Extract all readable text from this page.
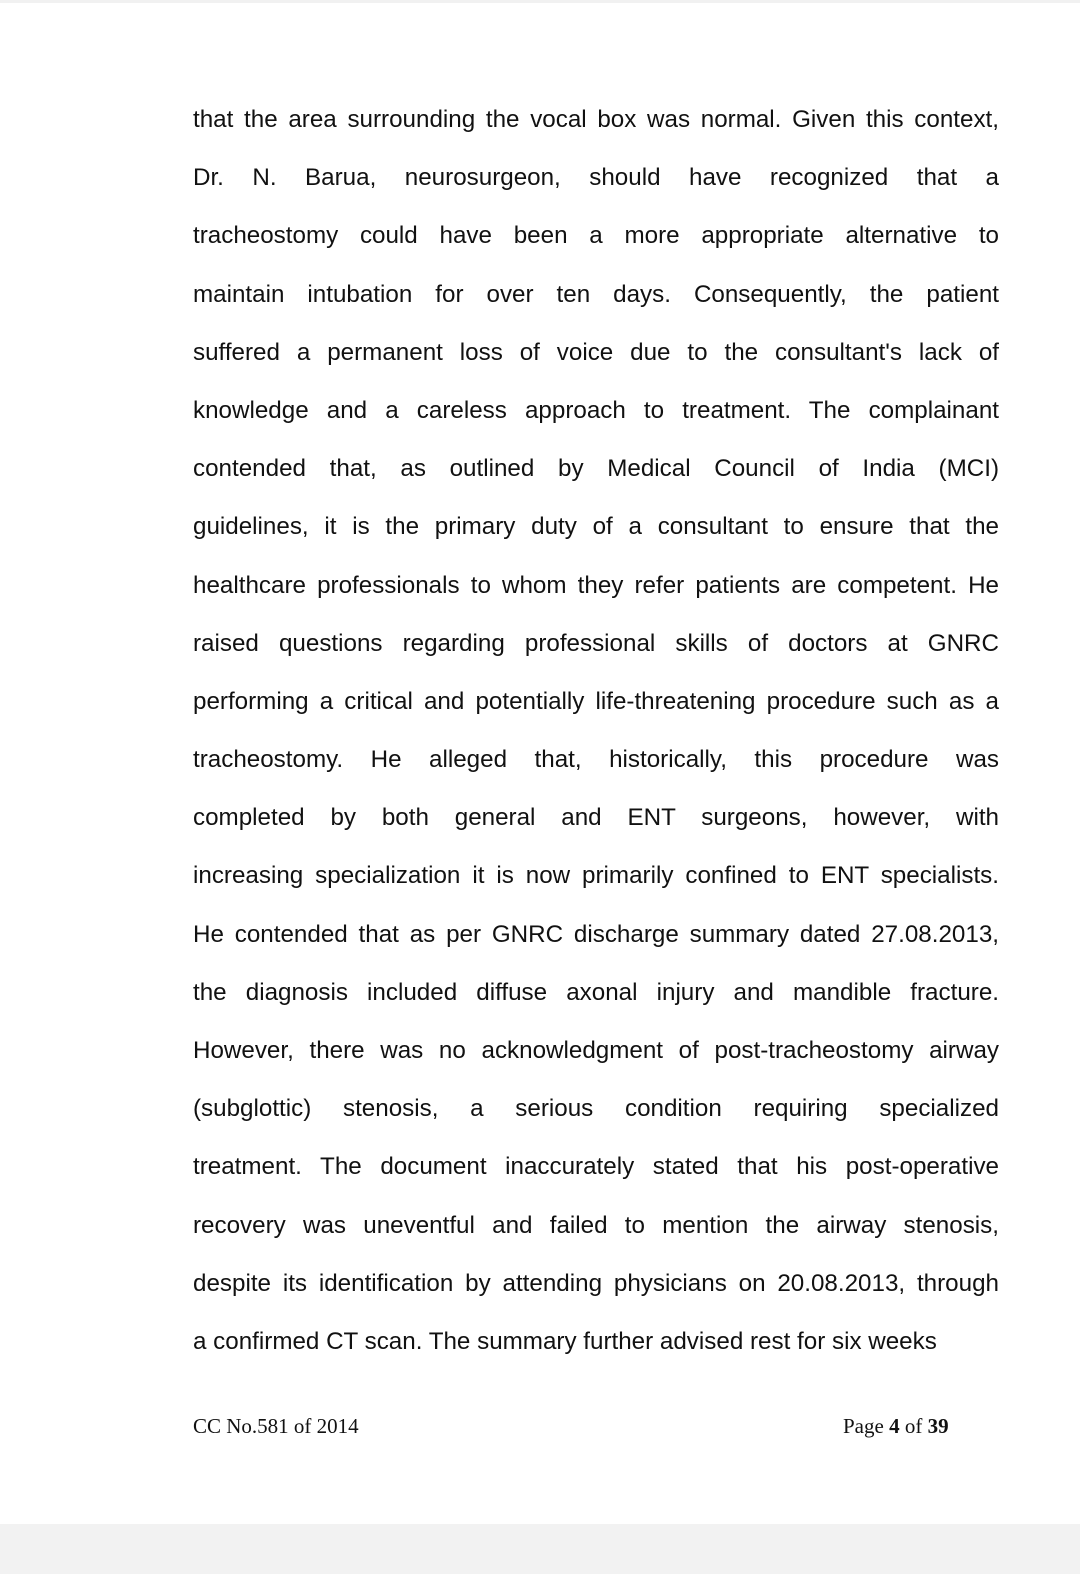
that the area surrounding the vocal box was normal. Given this context,
Dr. N. Barua, neurosurgeon, should have recognized that a
tracheostomy could have been a more appropriate alternative to
maintain intubation for over ten days. Consequently, the patient
suffered a permanent loss of voice due to the consultant's lack of
knowledge and a careless approach to treatment. The complainant
contended that, as outlined by Medical Council of India (MCI)
guidelines, it is the primary duty of a consultant to ensure that the
healthcare professionals to whom they refer patients are competent. He
raised questions regarding professional skills of doctors at GNRC
performing a critical and potentially life-threatening procedure such as a
tracheostomy. He alleged that, historically, this procedure was
completed by both general and ENT surgeons, however, with
increasing specialization it is now primarily confined to ENT specialists.
He contended that as per GNRC discharge summary dated 27.08.2013,
the diagnosis included diffuse axonal injury and mandible fracture.
However, there was no acknowledgment of post-tracheostomy airway
(subglottic) stenosis, a serious condition requiring specialized
treatment. The document inaccurately stated that his post-operative
recovery was uneventful and failed to mention the airway stenosis,
despite its identification by attending physicians on 20.08.2013, through
a confirmed CT scan. The summary further advised rest for six weeks
CC No.581 of 2014	Page 4 of 39
